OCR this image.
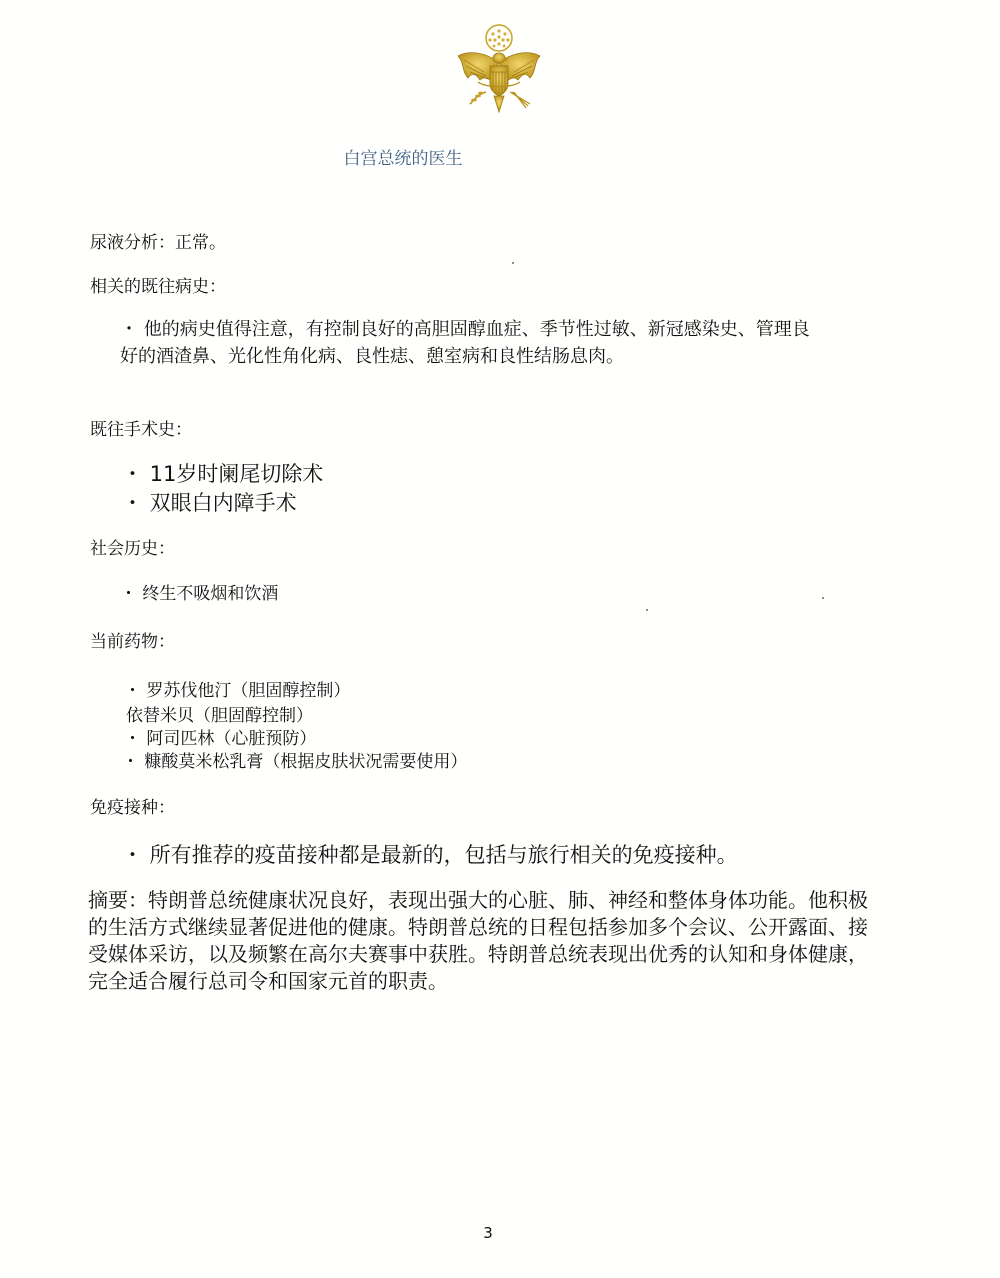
白宫总统的医生
尿液分析：正常。
相关的既往病史：
・ 他的病史值得注意，有控制良好的高胆固醇血症、季节性过敏、新冠感染史、管理良好的酒渣鼻、光化性角化病、良性痣、憩室病和良性结肠息肉。
既往手术史：
・ 11岁时阑尾切除术
・ 双眼白内障手术
社会历史：
・ 终生不吸烟和饮酒
当前药物：
・ 罗苏伐他汀（胆固醇控制）
依替米贝（胆固醇控制）
・ 阿司匹林（心脏预防）
・ 糠酸莫米松乳膏（根据皮肤状况需要使用）
免疫接种：
・ 所有推荐的疫苗接种都是最新的，包括与旅行相关的免疫接种。
摘要：特朗普总统健康状况良好，表现出强大的心脏、肺、神经和整体身体功能。他积极的生活方式继续显著促进他的健康。特朗普总统的日程包括参加多个会议、公开露面、接受媒体采访，以及频繁在高尔夫赛事中获胜。特朗普总统表现出优秀的认知和身体健康，完全适合履行总司令和国家元首的职责。
3
